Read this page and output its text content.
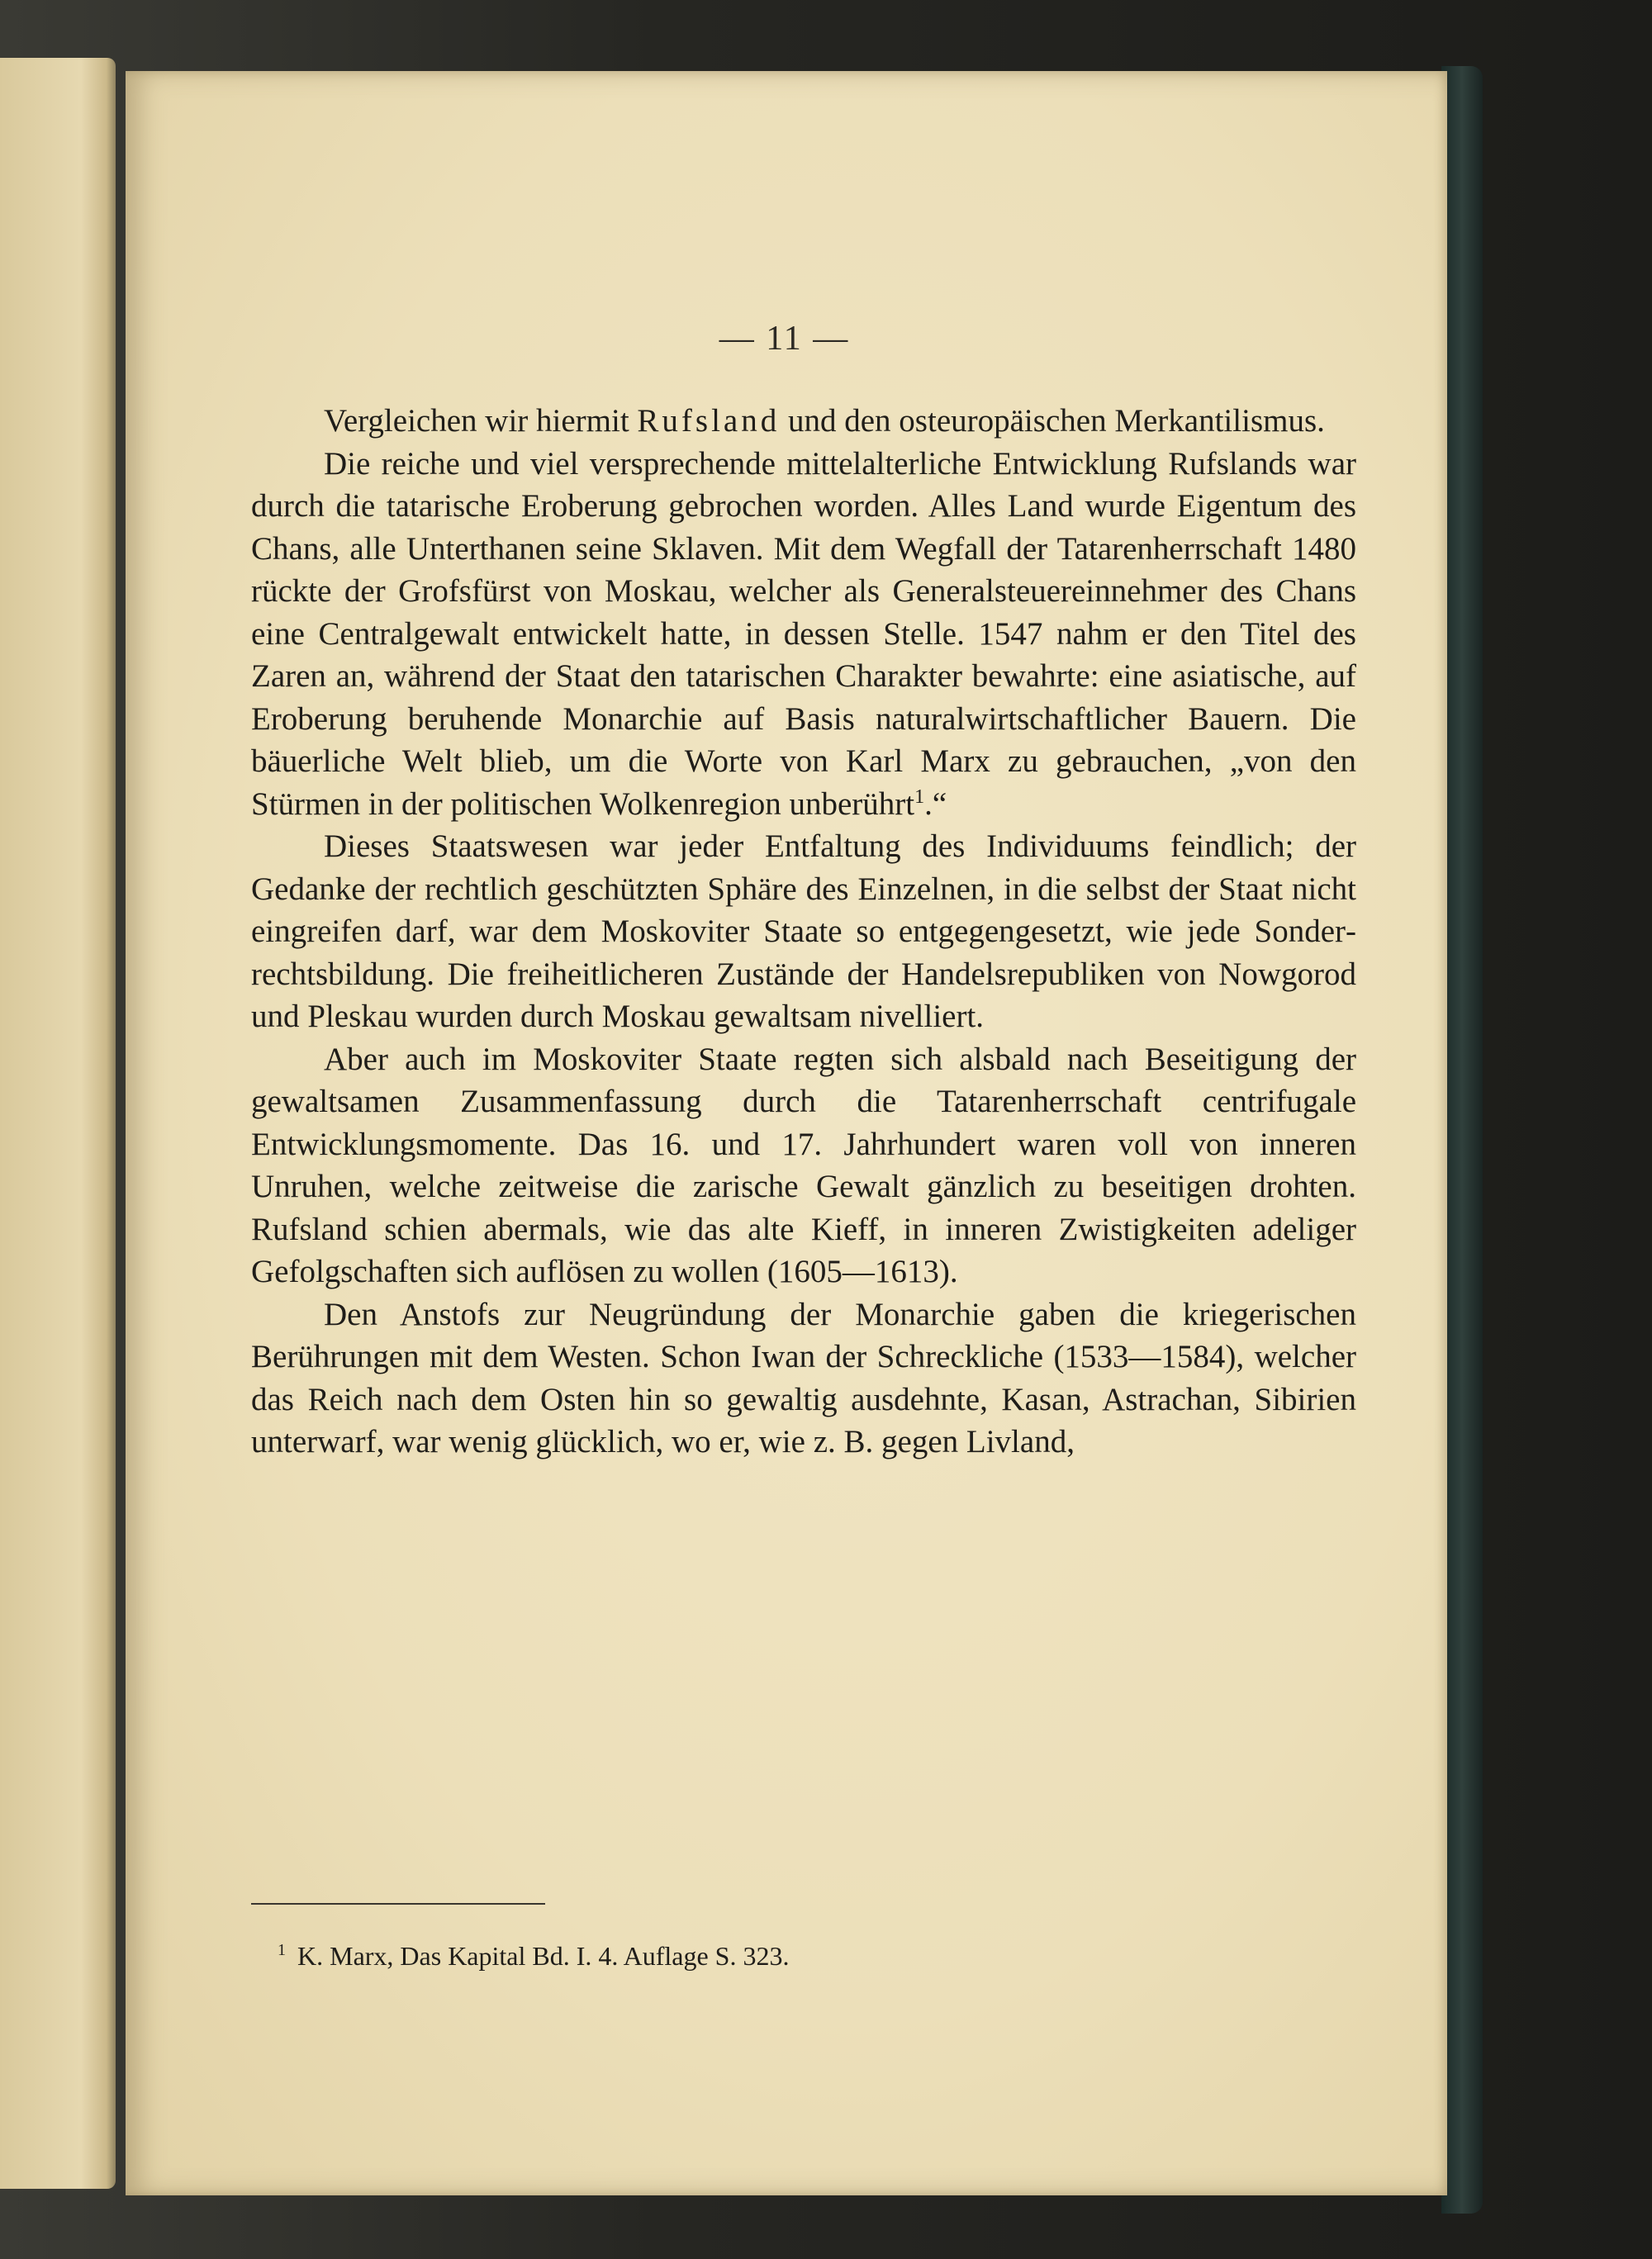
— 11 —

Vergleichen wir hiermit Rufsland und den osteuropäischen Merkantilismus.

Die reiche und viel versprechende mittelalterliche Entwicklung Rufslands war durch die tatarische Eroberung gebrochen worden. Alles Land wurde Eigentum des Chans, alle Unterthanen seine Sklaven. Mit dem Wegfall der Tatarenherrschaft 1480 rückte der Grofsfürst von Moskau, welcher als Generalsteuereinnehmer des Chans eine Centralgewalt entwickelt hatte, in dessen Stelle. 1547 nahm er den Titel des Zaren an, während der Staat den tatarischen Charakter bewahrte: eine asiatische, auf Eroberung beruhende Monarchie auf Basis naturalwirtschaftlicher Bauern. Die bäuerliche Welt blieb, um die Worte von Karl Marx zu gebrauchen, „von den Stürmen in der politischen Wolkenregion unberührt$^1$.“

Dieses Staatswesen war jeder Entfaltung des Individuums feindlich; der Gedanke der rechtlich geschützten Sphäre des Einzelnen, in die selbst der Staat nicht eingreifen darf, war dem Moskoviter Staate so entgegengesetzt, wie jede Sonderrechtsbildung. Die freiheitlicheren Zustände der Handelsrepubliken von Nowgorod und Pleskau wurden durch Moskau gewaltsam nivelliert.

Aber auch im Moskoviter Staate regten sich alsbald nach Beseitigung der gewaltsamen Zusammenfassung durch die Tatarenherrschaft centrifugale Entwicklungsmomente. Das 16. und 17. Jahrhundert waren voll von inneren Unruhen, welche zeitweise die zarische Gewalt gänzlich zu beseitigen drohten. Rufsland schien abermals, wie das alte Kieff, in inneren Zwistigkeiten adeliger Gefolgschaften sich auflösen zu wollen (1605—1613).

Den Anstofs zur Neugründung der Monarchie gaben die kriegerischen Berührungen mit dem Westen. Schon Iwan der Schreckliche (1533—1584), welcher das Reich nach dem Osten hin so gewaltig ausdehnte, Kasan, Astrachan, Sibirien unterwarf, war wenig glücklich, wo er, wie z. B. gegen Livland,

$^1$ K. Marx, Das Kapital Bd. I. 4. Auflage S. 323.
